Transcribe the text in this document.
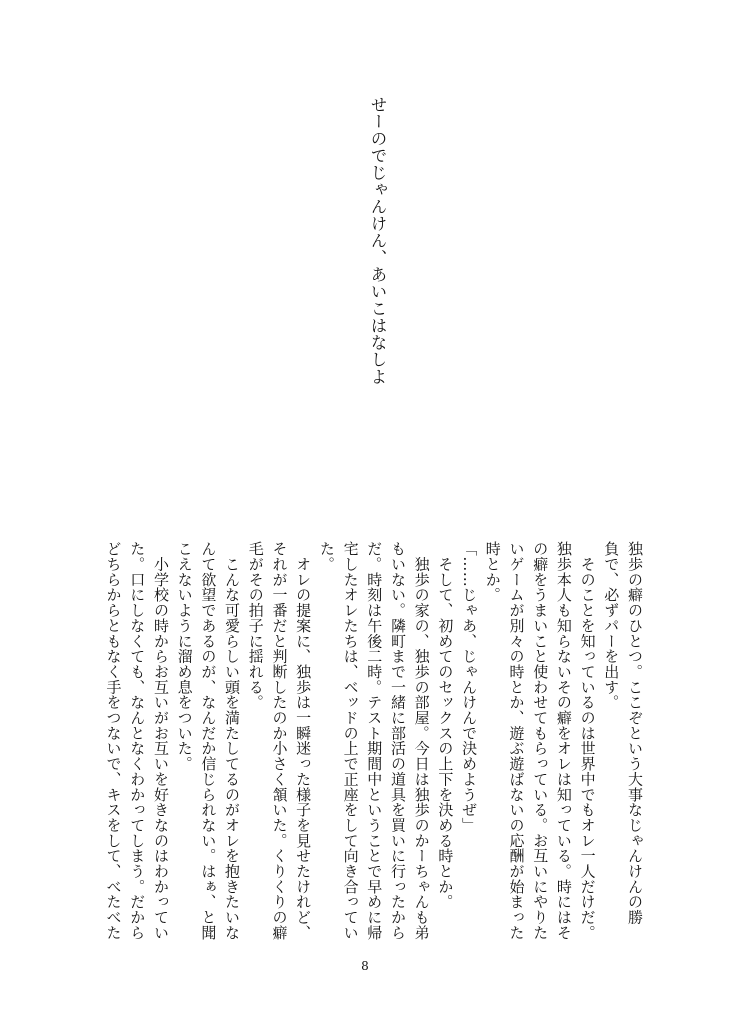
せーのでじゃんけん、あいこはなしよ

独歩の癖のひとつ。ここぞという大事なじゃんけんの勝

負で、必ずパーを出す。

　そのことを知っているのは世界中でもオレ一人だけだ。

独歩本人も知らないその癖をオレは知っている。時にはそ

の癖をうまいこと使わせてもらっている。お互いにやりた

いゲームが別々の時とか、遊ぶ遊ばないの応酬が始まった

時とか。

「……じゃあ、じゃんけんで決めようぜ」

　そして、初めてのセックスの上下を決める時とか。

　独歩の家の、独歩の部屋。今日は独歩のかーちゃんも弟

もいない。隣町まで一緒に部活の道具を買いに行ったから

だ。時刻は午後二時。テスト期間中ということで早めに帰

宅したオレたちは、ベッドの上で正座をして向き合ってい

た。

　オレの提案に、独歩は一瞬迷った様子を見せたけれど、

それが一番だと判断したのか小さく頷いた。くりくりの癖

毛がその拍子に揺れる。

　こんな可愛らしい頭を満たしてるのがオレを抱きたいな

んて欲望であるのが、なんだか信じられない。はぁ、と聞

こえないように溜め息をついた。

　小学校の時からお互いがお互いを好きなのはわかってい

た。口にしなくても、なんとなくわかってしまう。だから

どちらからともなく手をつないで、キスをして、べたべた

8
